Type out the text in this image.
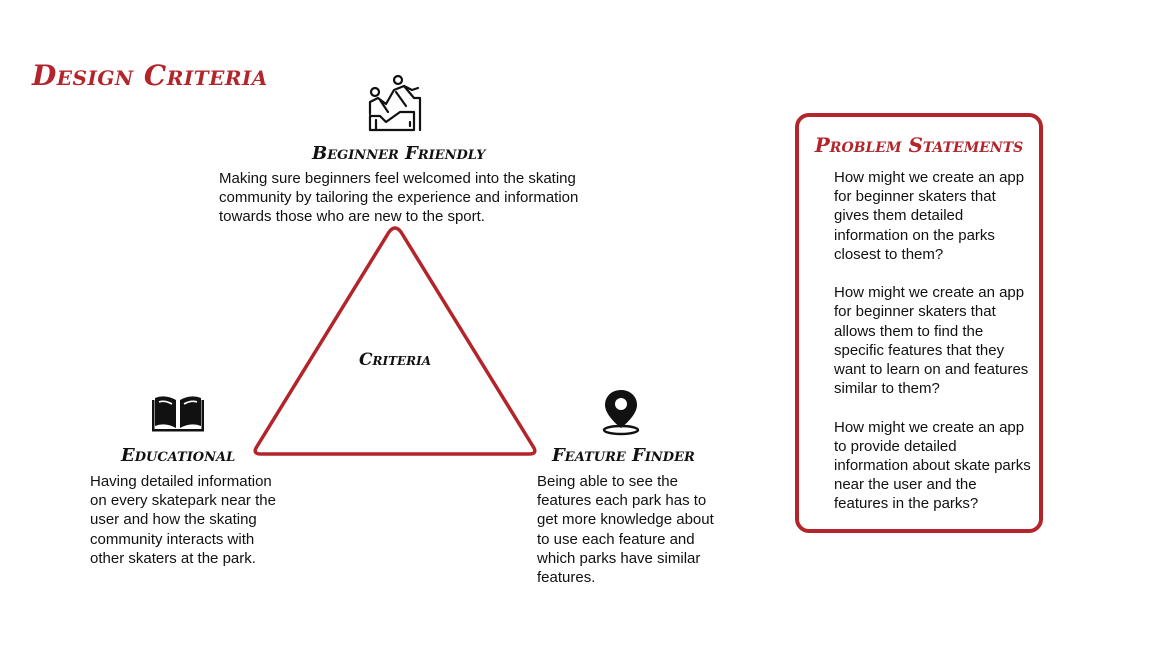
Design Criteria
Beginner Friendly

Making sure beginners feel welcomed into the skating community by tailoring the experience and information towards those who are new to the sport.

Criteria
Educational

Having detailed information on every skatepark near the user and how the skating community interacts with other skaters at the park.

Feature Finder

Being able to see the features each park has to get more knowledge about to use each feature and which parks have similar features.

Problem Statements
How might we create an app for beginner skaters that gives them detailed information on the parks closest to them?
How might we create an app for beginner skaters that allows them to find the specific features that they want to learn on and features similar to them?
How might we create an app to provide detailed information about skate parks near the user and the features in the parks?
